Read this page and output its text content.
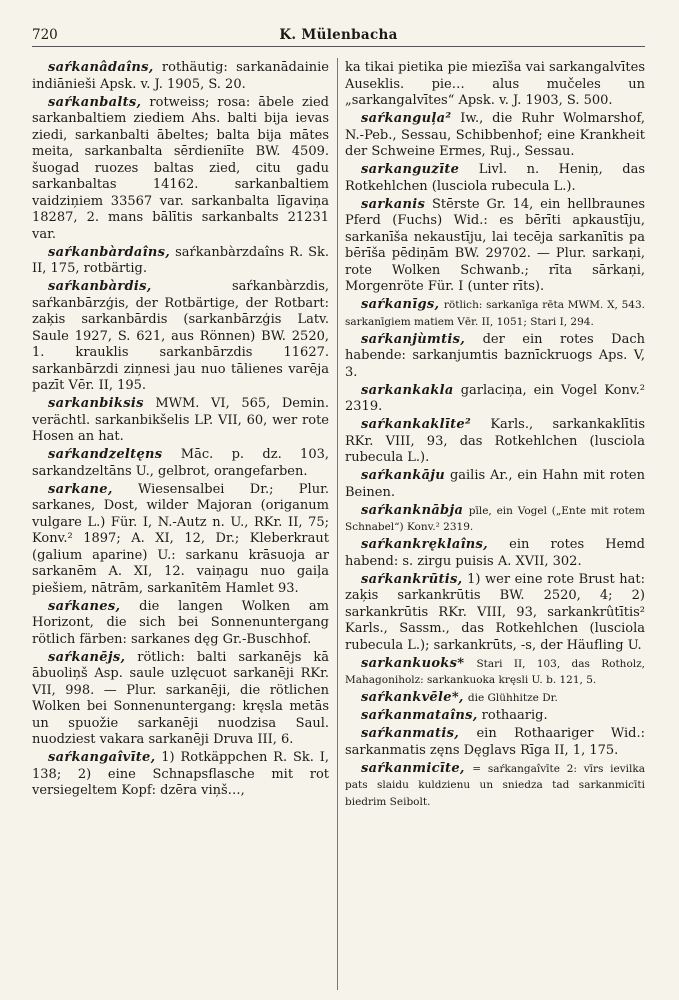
720	K. Mülenbacha

saŕkanâdaîns, rothäutig: sarkanādainie indiānieši Apsk. v. J. 1905, S. 20.

saŕkanbalts, rotweiss; rosa: ābele zied sarkanbaltiem ziediem Ahs. balti bija ievas ziedi, sarkanbalti ābeltes; balta bija mātes meita, sarkanbalta sērdieniīte BW. 4509. šuogad ruozes baltas zied, citu gadu sarkanbaltas 14162. sarkanbaltiem vaidziņiem 33567 var. sarkanbalta līgaviņa 18287, 2. mans bālītis sarkanbalts 21231 var.

saŕkanbàrdaîns, saŕkanbàrzdaîns R. Sk. II, 175, rotbärtig.

saŕkanbàrdis,	saŕkanbàrzdis, saŕkanbārzģis, der Rotbärtige, der Rotbart: zaķis sarkanbārdis (sarkanbārzģis Latv. Saule 1927, S. 621, aus Rönnen) BW. 2520, 1. krauklis sarkanbārzdis 11627. sarkanbārzdi ziņnesi jau nuo tālienes varēja pazīt Vēr. II, 195.

sarkanbiksis MWM. VI, 565, Demin. verächtl. sarkanbikšelis LP. VII, 60, wer rote Hosen an hat.

saŕkandzeltęns Māc. p. dz. 103, sarkandzeltāns U., gelbrot, orangefarben.

sarkane, Wiesensalbei Dr.; Plur. sarkanes, Dost, wilder Majoran (origanum vulgare L.) Für. I, N.-Autz n. U., RKr. II, 75; Konv.² 1897; A. XI, 12, Dr.; Kleberkraut (galium aparine) U.: sarkanu krāsuoja ar sarkanēm A. XI, 12. vaiņagu nuo gaiļa piešiem, nātrām, sarkanītēm Hamlet 93.

saŕkanes, die langen Wolken am Horizont, die sich bei Sonnenuntergang rötlich färben: sarkanes dęg Gr.-Buschhof.

saŕkanējs, rötlich: balti sarkanējs kā ābuoliņš Asp. saule uzlęcuot sarkanēji RKr. VII, 998. — Plur. sarkanēji, die rötlichen Wolken bei Sonnenuntergang: kręsla metās un spuožie sarkanēji nuodzisa Saul. nuodziest vakara sarkanēji Druva III, 6.

saŕkangaîvīte, 1) Rotkäppchen R. Sk. I, 138; 2) eine Schnapsflasche mit rot versiegeltem Kopf: dzēra viņš…,

ka tikai pietika pie miezīša vai sarkangalvītes Auseklis. pie… alus mučeles un „sarkangalvītes“ Apsk. v. J. 1903, S. 500.

saŕkanguļa² Iw., die Ruhr Wolmarshof, N.-Peb., Sessau, Schibbenhof; eine Krankheit der Schweine Ermes, Ruj., Sessau.

sarkanguzīte Livl. n. Heniņ, das Rotkehlchen (lusciola rubecula L.).

sarkanis Stērste Gr. 14, ein hellbraunes Pferd (Fuchs) Wid.: es bērīti apkaustīju, sarkanīša nekaustīju, lai tecēja sarkanītis pa bērīša pēdiņām BW. 29702. — Plur. sarkaņi, rote Wolken Schwanb.; rīta sārkaņi, Morgenröte Für. I (unter rīts).

saŕkanīgs, rötlich: sarkanīga rēta MWM. X, 543. sarkanīgiem matiem Vēr. II, 1051; Stari I, 294.

saŕkanjùmtis, der ein rotes Dach habende: sarkanjumtis baznīckruogs Aps. V, 3.

sarkankakla garlaciņa, ein Vogel Konv.² 2319.

saŕkankaklīte² Karls., sarkankaklītis RKr. VIII, 93, das Rotkehlchen (lusciola rubecula L.).

saŕkankāju gailis Ar., ein Hahn mit roten Beinen.

saŕkanknābja pīle, ein Vogel („Ente mit rotem Schnabel“) Konv.² 2319.

saŕkankręklaîns, ein rotes Hemd habend: s. zirgu puisis A. XVII, 302.

saŕkankrūtis, 1) wer eine rote Brust hat: zaķis sarkankrūtis BW. 2520, 4; 2) sarkankrūtis RKr. VIII, 93, sarkankrûtītis² Karls., Sassm., das Rotkehlchen (lusciola rubecula L.); sarkankrūts, -s, der Häufling U.

sarkankuoks* Stari II, 103, das Rotholz, Mahagoniholz: sarkankuoka kręsli U. b. 121, 5.

saŕkankvēle*, die Glühhitze Dr.

saŕkanmataîns, rothaarig.

saŕkanmatis, ein Rothaariger Wid.: sarkanmatis zęns Dęglavs Rīga II, 1, 175.

saŕkanmicīte, = saŕkangaîvīte 2: vīrs ievilka pats slaidu kuldzienu un sniedza tad sarkanmicīti biedrim Seibolt.
